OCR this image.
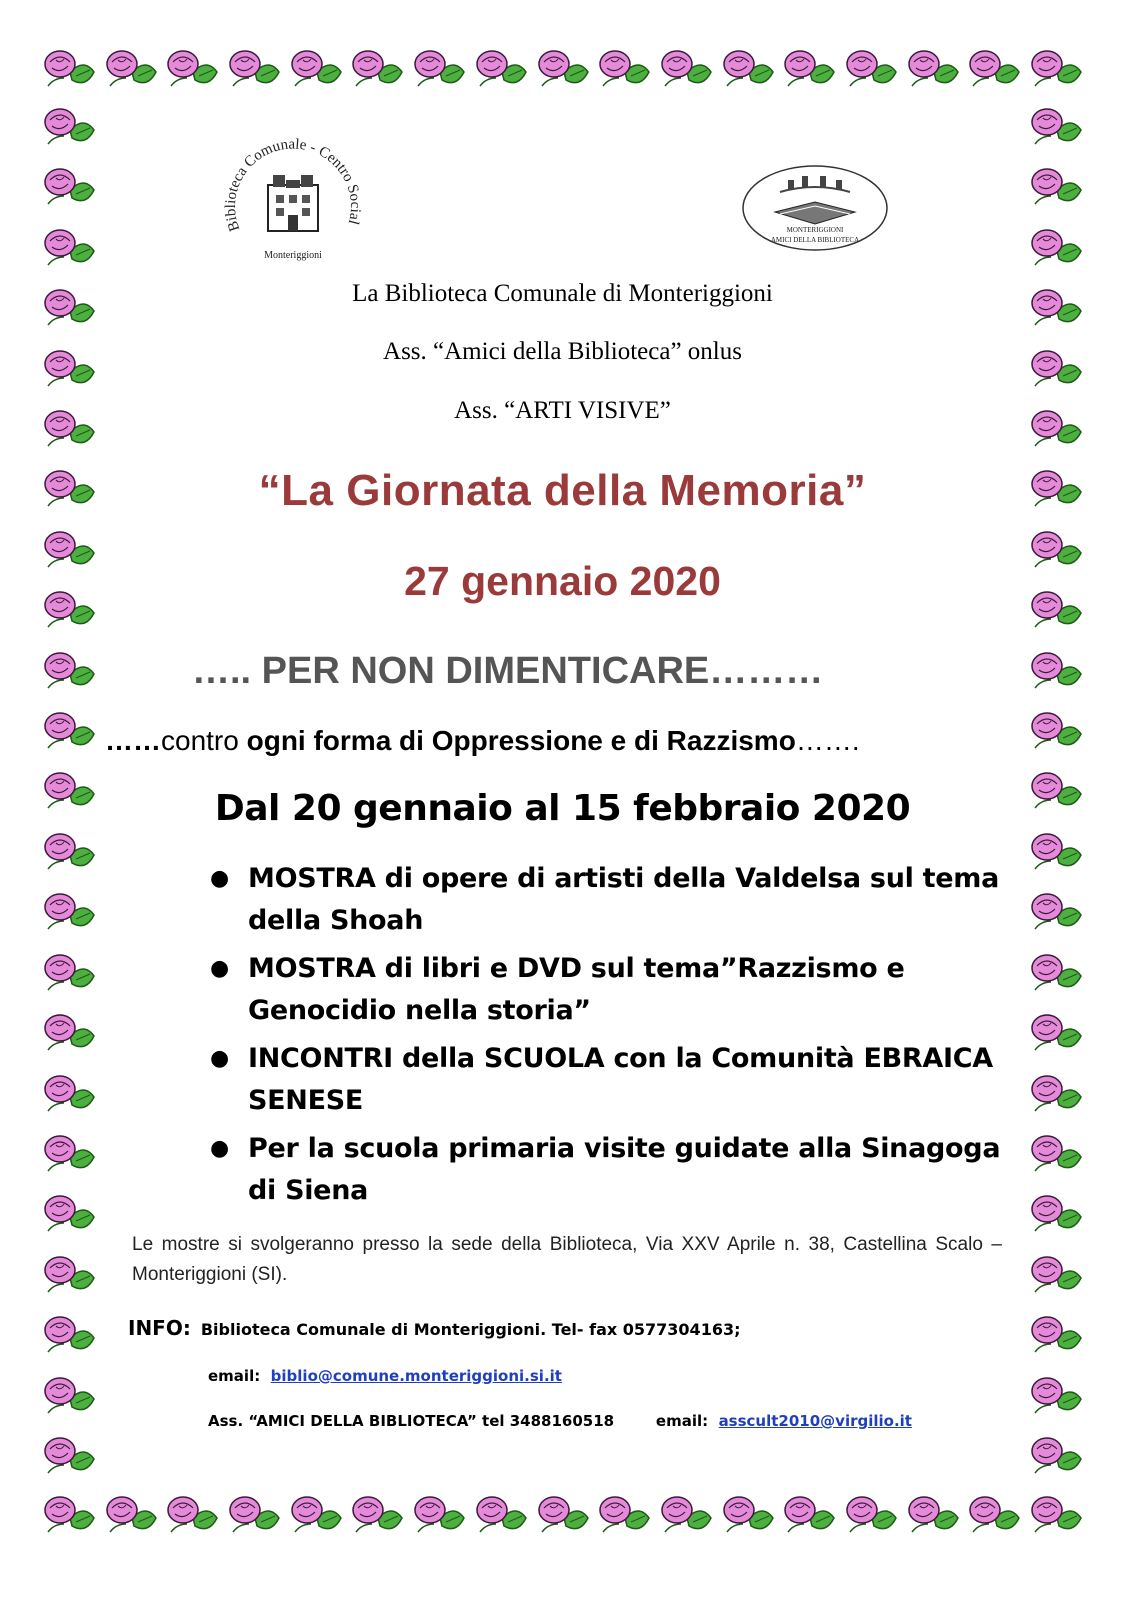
Biblioteca Comunale - Centro Social
Monteriggioni
MONTERIGGIONI
AMICI DELLA BIBLIOTECA
La Biblioteca Comunale di Monteriggioni
Ass. “Amici della Biblioteca” onlus
Ass. “ARTI VISIVE”
“La Giornata della Memoria”
27 gennaio 2020
….. PER NON DIMENTICARE………
……contro ogni forma di Oppressione e di Razzismo…….
Dal 20 gennaio al 15 febbraio 2020
● MOSTRA di opere di artisti della Valdelsa sul tema della Shoah
● MOSTRA di libri e DVD sul tema”Razzismo e Genocidio nella storia”
● INCONTRI della SCUOLA con la Comunità EBRAICA SENESE
● Per la scuola primaria visite guidate alla Sinagoga di Siena
Le mostre si svolgeranno presso la sede della Biblioteca, Via XXV Aprile n. 38, Castellina Scalo – Monteriggioni (SI).
INFO: Biblioteca Comunale di Monteriggioni. Tel- fax 0577304163;
email: biblio@comune.monteriggioni.si.it
Ass. “AMICI DELLA BIBLIOTECA” tel 3488160518	email: asscult2010@virgilio.it
